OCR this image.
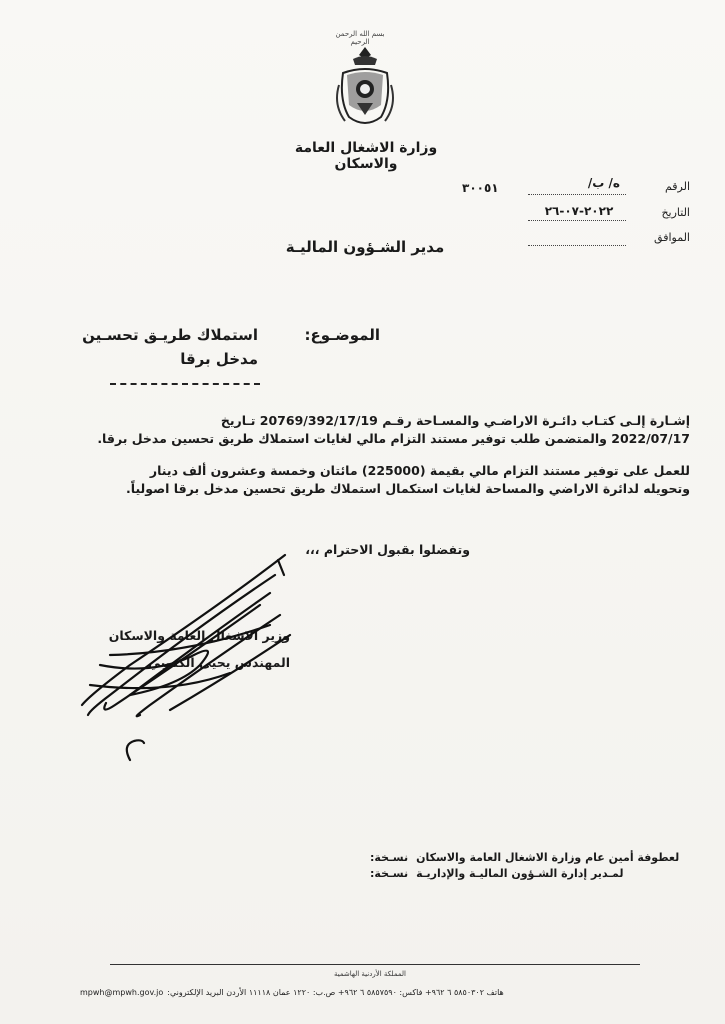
بسم الله الرحمن الرحيم
وزارة الاشغال العامة والاسكان
الرقم
ه/ ب/
٣٠٠٥١
التاريخ
٢٠٢٢-٠٧-٢٦
الموافق
مدير الشـؤون الماليـة
الموضـوع:
استملاك طريـق تحسـين
مدخل برقا
إشـارة إلـى كتـاب دائـرة الاراضـي والمسـاحة رقـم 20769/392/17/19 تـاريخ
2022/07/17 والمتضمن طلب توفير مستند التزام مالي لغايات استملاك طريق تحسين مدخل برقا.
للعمل على توفير مستند التزام مالي بقيمة (225000) مائتان وخمسة وعشرون ألف دينار
وتحويله لدائرة الاراضي والمساحة لغايات استكمال استملاك طريق تحسين مدخل برقا اصولياً.
وتفضلوا بقبول الاحترام ،،،
وزير الاشغال العامة والاسكان
المهندس يحيى الكسبي
نسـخة: لعطوفة أمين عام وزارة الاشغال العامة والاسكان
نسـخة: لمـدير إدارة الشـؤون الماليـة والإداريـة
المملكة الأردنية الهاشمية
mpwh@mpwh.gov.jo هاتف ٥٨٥٠٣٠٢ ٦ ٩٦٢+ فاكس: ٥٨٥٧٥٩٠ ٦ ٩٦٢+ ص.ب: ١٢٢٠ عمان ١١١١٨ الأردن البريد الإلكتروني:
